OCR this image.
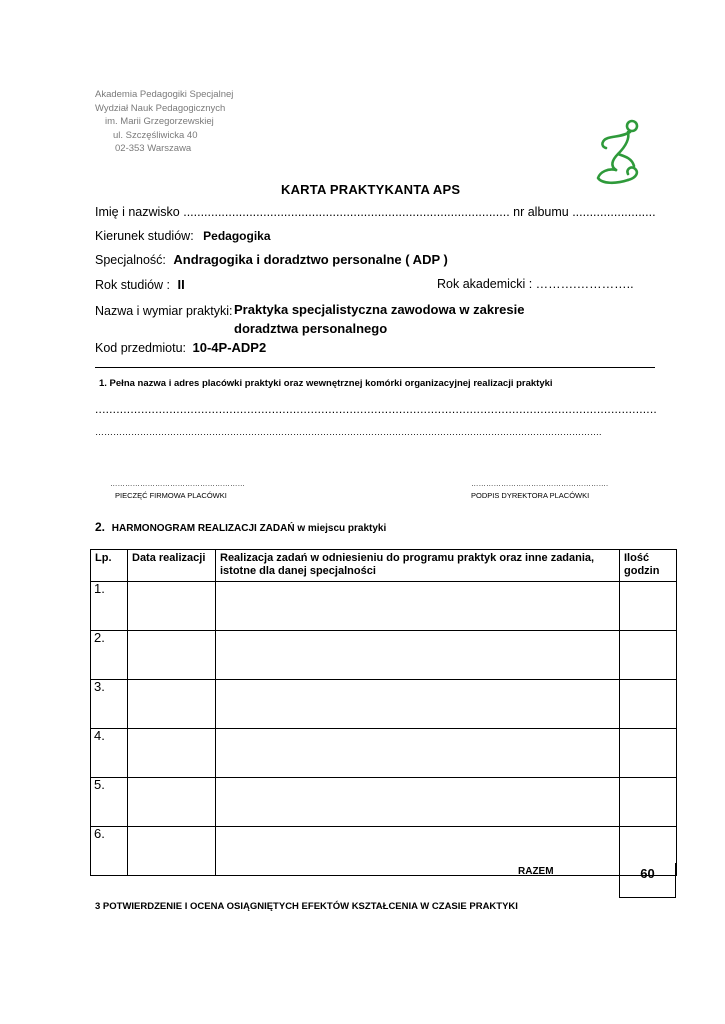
Akademia Pedagogiki Specjalnej
Wydział Nauk Pedagogicznych
im. Marii Grzegorzewskiej
ul. Szczęśliwicka 40
02-353 Warszawa
KARTA PRAKTYKANTA APS
Imię i nazwisko .............................................................................................. nr albumu ........................
Kierunek studiów: Pedagogika
Specjalność: Andragogika i doradztwo personalne ( ADP )
Rok studiów : II	Rok akademicki : ……….…………..
Nazwa i wymiar praktyki: Praktyka specjalistyczna zawodowa w zakresie
doradztwa personalnego
Kod przedmiotu: 10-4P-ADP2
1. Pełna nazwa i adres placówki praktyki oraz wewnętrznej komórki organizacyjnej realizacji praktyki
...............................................................................................................................................................
…………………………………………………………………………………………………………………………………………………….
………………………………………………
PIECZĘĆ FIRMOWA PLACÓWKI
……………………………………………….
PODPIS DYREKTORA PLACÓWKI
2. HARMONOGRAM REALIZACJI ZADAŃ w miejscu praktyki
Lp.	Data realizacji	Realizacja zadań w odniesieniu do programu praktyk oraz inne zadania, istotne dla danej specjalności	Ilość godzin
1.			
2.			
3.			
4.			
5.			
6.			
RAZEM	60
3 POTWIERDZENIE I OCENA OSIĄGNIĘTYCH EFEKTÓW KSZTAŁCENIA W CZASIE PRAKTYKI
